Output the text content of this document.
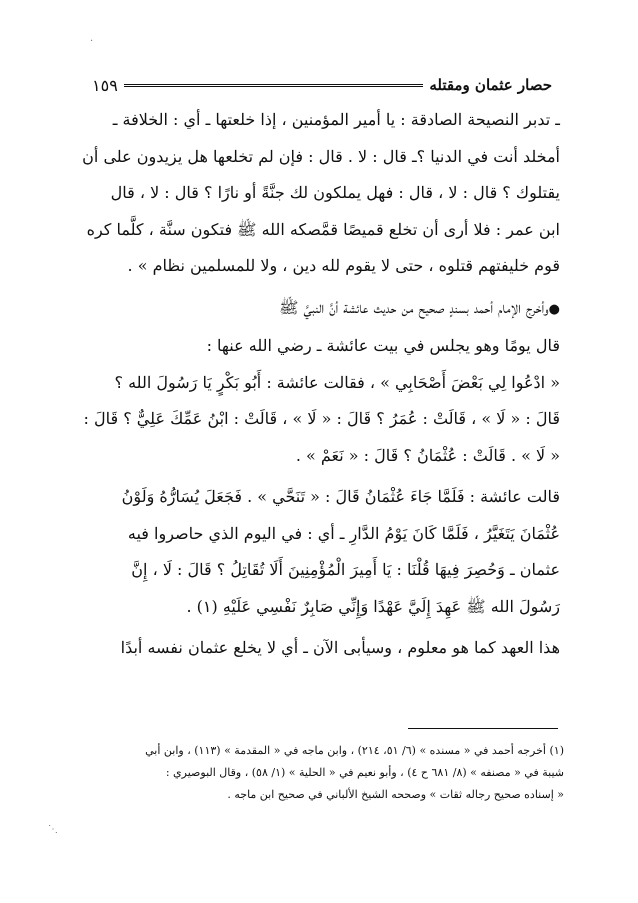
·
⋰
حصار عثمان ومقتله
١٥٩

ـ تدبر النصيحة الصادقة : يا أمير المؤمنين ، إذا خلعتها ـ أي : الخلافة ـ

أمخلد أنت في الدنيا ؟ـ قال : لا . قال : فإن لم تخلعها هل يزيدون على أن

يقتلوك ؟ قال : لا ، قال : فهل يملكون لك جنَّةً أو نارًا ؟ قال : لا ، قال

ابن عمر : فلا أرى أن تخلع قميصًا قمَّصكه الله ﷺ فتكون سنَّة ، كلَّما كره

قوم خليفتهم قتلوه ، حتى لا يقوم لله دين ، ولا للمسلمين نظام » .

●وأخرج الإمام أحمد بسندٍ صحيح من حديث عائشة أنَّ النبيَّ ﷺ

قال يومًا وهو يجلس في بيت عائشة ـ رضي الله عنها :

« ادْعُوا لِي بَعْضَ أَصْحَابِي » ، فقالت عائشة : أَبُو بَكْرٍ يَا رَسُولَ الله ؟

قَالَ : « لَا » ، قَالَتْ : عُمَرُ ؟ قَالَ : « لَا » ، قَالَتْ : ابْنُ عَمِّكَ عَلِيٌّ ؟ قَالَ :

« لَا » . قَالَتْ : عُثْمَانُ ؟ قَالَ : « نَعَمْ » .

قالت عائشة : فَلَمَّا جَاءَ عُثْمَانُ قَالَ : « تَنَحَّي » . فَجَعَلَ يُسَارُّهُ وَلَوْنُ

عُثْمَانَ يَتَغَيَّرُ ، فَلَمَّا كَانَ يَوْمُ الدَّارِ ـ أي : في اليوم الذي حاصروا فيه

عثمان ـ وَحُصِرَ فِيهَا قُلْنَا : يَا أَمِيرَ الْمُؤْمِنِينَ أَلَا تُقَاتِلُ ؟ قَالَ : لَا ، إِنَّ

رَسُولَ الله ﷺ عَهِدَ إِلَيَّ عَهْدًا وَإِنِّي صَابِرٌ نَفْسِي عَلَيْهِ (١) .

هذا العهد كما هو معلوم ، وسيأبى الآن ـ أي لا يخلع عثمان نفسه أبدًا

(١) أخرجه أحمد في « مسنده » (٦/ ٥١، ٢١٤) ، وابن ماجه في « المقدمة » (١١٣) ، وابن أبي

شيبة في « مصنفه » (٨/ ٦٨١ ح ٤) ، وأبو نعيم في « الحلية » (١/ ٥٨) ، وقال البوصيري :

« إسناده صحيح رجاله ثقات » وصححه الشيخ الألباني في صحيح ابن ماجه .
